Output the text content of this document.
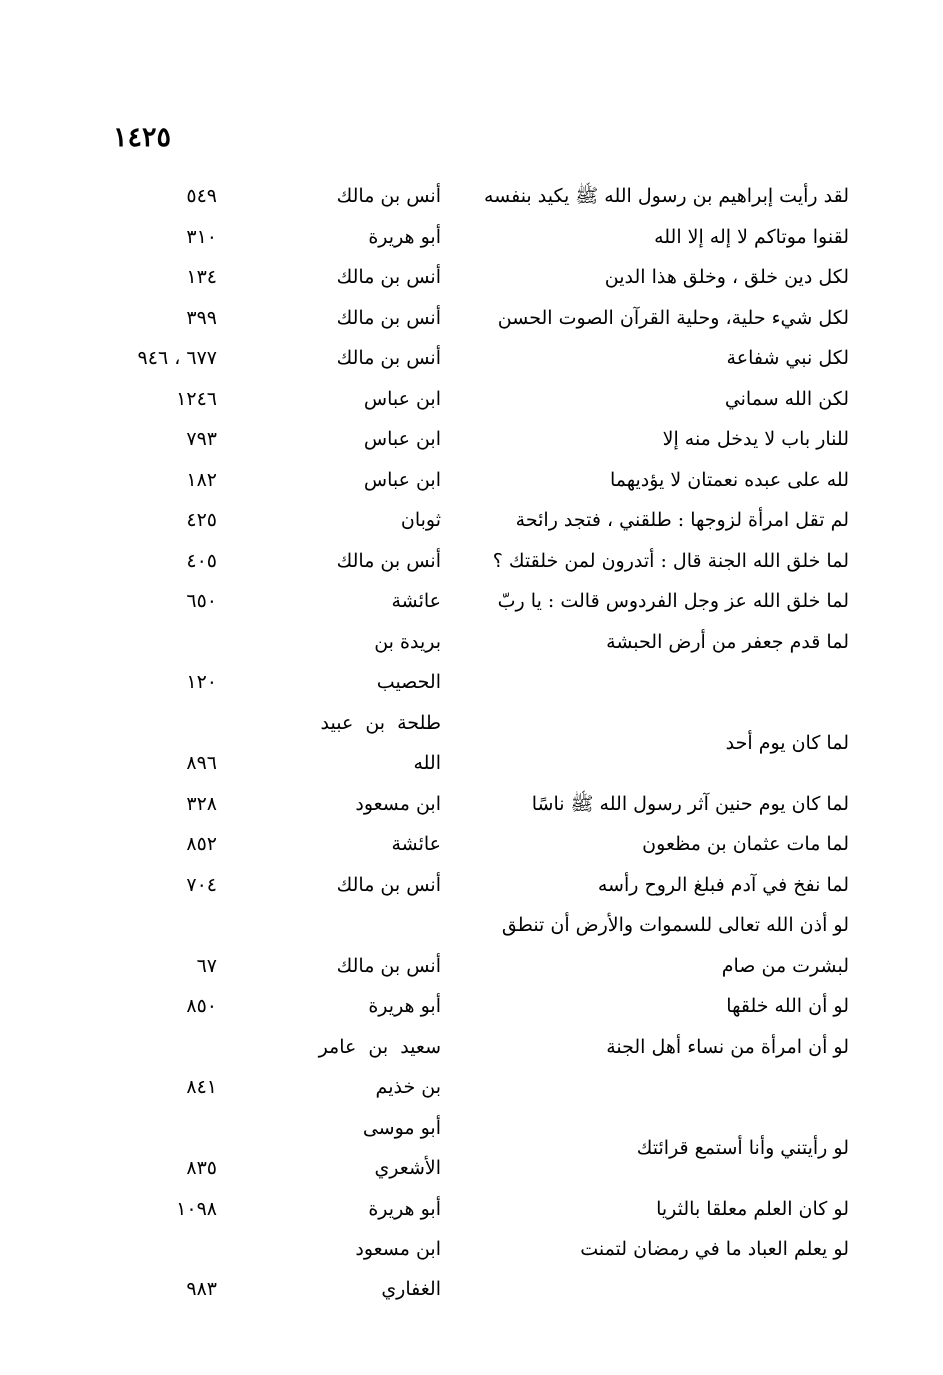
١٤٢٥
لقد رأيت إبراهيم بن رسول الله ﷺ يكيد بنفسه
أنس بن مالك
٥٤٩
لقنوا موتاكم لا إله إلا الله
أبو هريرة
٣١٠
لكل دين خلق ، وخلق هذا الدين
أنس بن مالك
١٣٤
لكل شيء حلية، وحلية القرآن الصوت الحسن
أنس بن مالك
٣٩٩
لكل نبي شفاعة
أنس بن مالك
٦٧٧ ، ٩٤٦
لكن الله سماني
ابن عباس
١٢٤٦
للنار باب لا يدخل منه إلا
ابن عباس
٧٩٣
لله على عبده نعمتان لا يؤديهما
ابن عباس
١٨٢
لم تقل امرأة لزوجها : طلقني ، فتجد رائحة
ثوبان
٤٢٥
لما خلق الله الجنة قال : أتدرون لمن خلقتك ؟
أنس بن مالك
٤٠٥
لما خلق الله عز وجل الفردوس قالت : يا ربّ
عائشة
٦٥٠
لما قدم جعفر من أرض الحبشة
بريدة بن
الحصيب
١٢٠
لما كان يوم أحد
طلحة بن عبيد
الله
٨٩٦
لما كان يوم حنين آثر رسول الله ﷺ ناسًا
ابن مسعود
٣٢٨
لما مات عثمان بن مظعون
عائشة
٨٥٢
لما نفخ في آدم فبلغ الروح رأسه
أنس بن مالك
٧٠٤
لو أذن الله تعالى للسموات والأرض أن تنطق
لبشرت من صام
أنس بن مالك
٦٧
لو أن الله خلقها
أبو هريرة
٨٥٠
لو أن امرأة من نساء أهل الجنة
سعيد بن عامر
بن خذيم
٨٤١
لو رأيتني وأنا أستمع قرائتك
أبو موسى
الأشعري
٨٣٥
لو كان العلم معلقا بالثريا
أبو هريرة
١٠٩٨
لو يعلم العباد ما في رمضان لتمنت
ابن مسعود
الغفاري
٩٨٣
